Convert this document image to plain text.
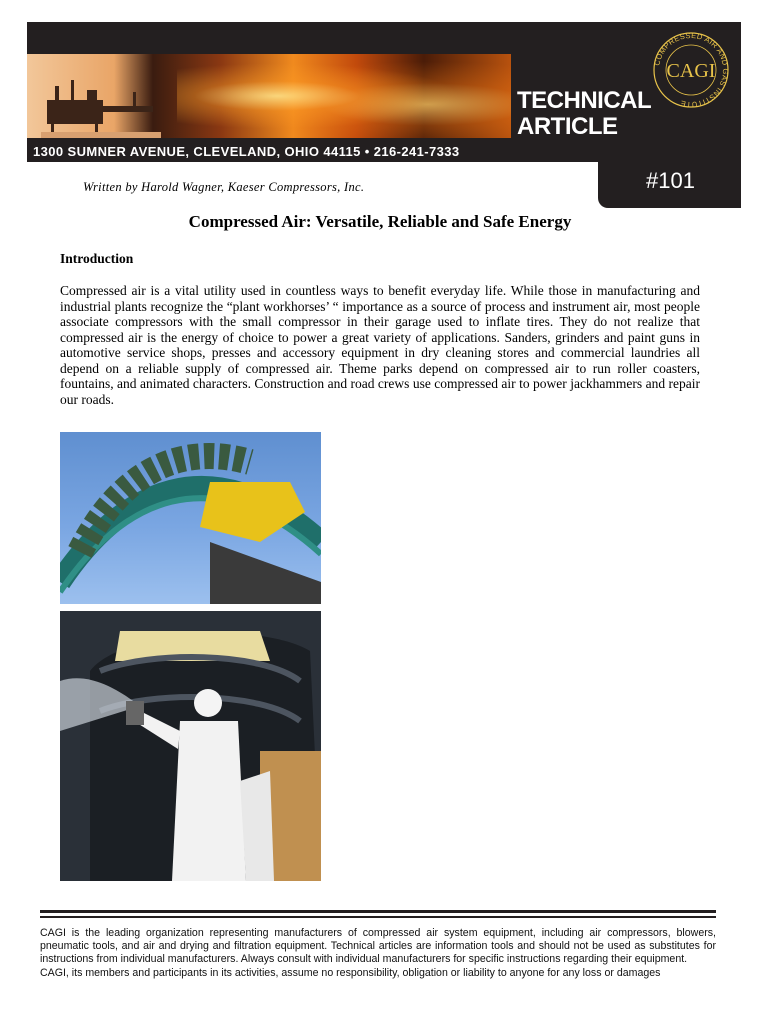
1300 SUMNER AVENUE, CLEVELAND, OHIO 44115 • 216-241-7333
TECHNICAL
ARTICLE
COMPRESSED AIR AND GAS INSTITUTE
CAGI
#101
Written by Harold Wagner, Kaeser Compressors, Inc.
Compressed Air: Versatile, Reliable and Safe Energy
Introduction
Compressed air is a vital utility used in countless ways to benefit everyday life. While those in manufacturing and industrial plants recognize the “plant workhorses’ “ importance as a source of process and instrument air, most people associate compressors with the small compressor in their garage used to inflate tires. They do not realize that compressed air is the energy of choice to power a great variety of applications. Sanders, grinders and paint guns in automotive service shops, presses and accessory equipment in dry cleaning stores and commercial laundries all depend on a reliable supply of compressed air. Theme parks depend on compressed air to run roller coasters, fountains, and animated characters. Construction and road crews use compressed air to power jackhammers and repair our roads.

CAGI is the leading organization representing manufacturers of compressed air system equipment, including air compressors, blowers, pneumatic tools, and air and drying and filtration equipment. Technical articles are information tools and should not be used as substitutes for instructions from individual manufacturers. Always consult with individual manufacturers for specific instructions regarding their equipment.

CAGI, its members and participants in its activities, assume no responsibility, obligation or liability to anyone for any loss or damages
